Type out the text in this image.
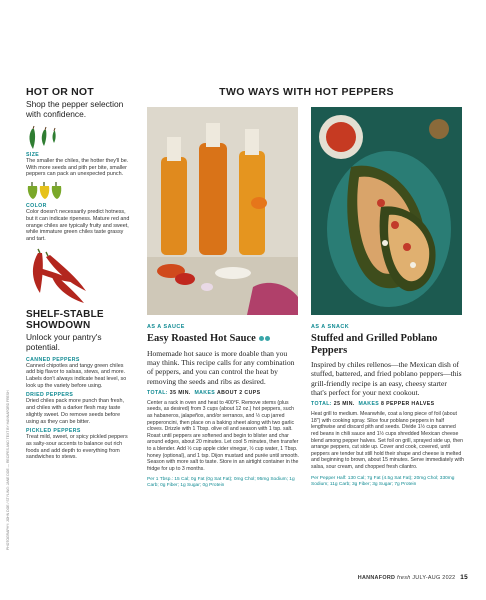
PHOTOGRAPHY: JOHN DOE / STYLING: JANE DOE — RECIPES AND TEXT BY HANNAFORD FRESH
HOT OR NOT
Shop the pepper selection with confidence.
SIZE
The smaller the chiles, the hotter they'll be. With more seeds and pith per bite, smaller peppers can pack an unexpected punch.
COLOR
Color doesn't necessarily predict hotness, but it can indicate ripeness. Mature red and orange chiles are typically fruity and sweet, while immature green chiles taste grassy and tart.
SHELF-STABLE SHOWDOWN
Unlock your pantry's potential.
CANNED PEPPERS
Canned chipotles and tangy green chiles add big flavor to salsas, stews, and more. Labels don't always indicate heat level, so look up the variety before using.
DRIED PEPPERS
Dried chiles pack more punch than fresh, and chiles with a darker flesh may taste slightly sweet. Do remove seeds before using as they can be bitter.
PICKLED PEPPERS
Treat mild, sweet, or spicy pickled peppers as salty-sour accents to balance out rich foods and add depth to everything from sandwiches to stews.
TWO WAYS WITH HOT PEPPERS
AS A SAUCE
Easy Roasted Hot Sauce
Homemade hot sauce is more doable than you may think. This recipe calls for any combination of peppers, and you can control the heat by removing the seeds and ribs as desired.
TOTAL: 35 MIN. MAKES ABOUT 2 CUPS
Center a rack in oven and heat to 400°F. Remove stems (plus seeds, as desired) from 3 cups (about 12 oz.) hot peppers, such as habaneros, jalapeños, and/or serranos, and ½ cup jarred pepperoncini, then place on a baking sheet along with two garlic cloves. Drizzle with 1 Tbsp. olive oil and season with 1 tsp. salt. Roast until peppers are softened and begin to blister and char around edges, about 20 minutes. Let cool 5 minutes, then transfer to a blender. Add ½ cup apple cider vinegar, ½ cup water, 1 Tbsp. honey (optional), and 1 tsp. Dijon mustard and purée until smooth. Season with more salt to taste. Store in an airtight container in the fridge for up to 3 months.
Per 1 Tbsp.: 15 Cal; 0g Fat (0g Sat Fat); 0mg Chol; 95mg Sodium; 1g Carb; 0g Fiber; 1g Sugar; 0g Protein
AS A SNACK
Stuffed and Grilled Poblano Peppers
Inspired by chiles rellenos—the Mexican dish of stuffed, battered, and fried poblano peppers—this grill-friendly recipe is an easy, cheesy starter that's perfect for your next cookout.
TOTAL: 25 MIN. MAKES 8 PEPPER HALVES
Heat grill to medium. Meanwhile, coat a long piece of foil (about 18") with cooking spray. Slice four poblano peppers in half lengthwise and discard pith and seeds. Divide 1½ cups canned red beans in chili sauce and 1½ cups shredded Mexican cheese blend among pepper halves. Set foil on grill, sprayed side up, then arrange peppers, cut side up. Cover and cook, covered, until peppers are tender but still hold their shape and cheese is melted and beginning to brown, about 15 minutes. Serve immediately with salsa, sour cream, and chopped fresh cilantro.
Per Pepper Half: 130 Cal; 7g Fat (4.5g Sat Fat); 20mg Chol; 330mg Sodium; 11g Carb; 3g Fiber; 3g Sugar; 7g Protein
HANNAFORD fresh JULY-AUG 2022 15
